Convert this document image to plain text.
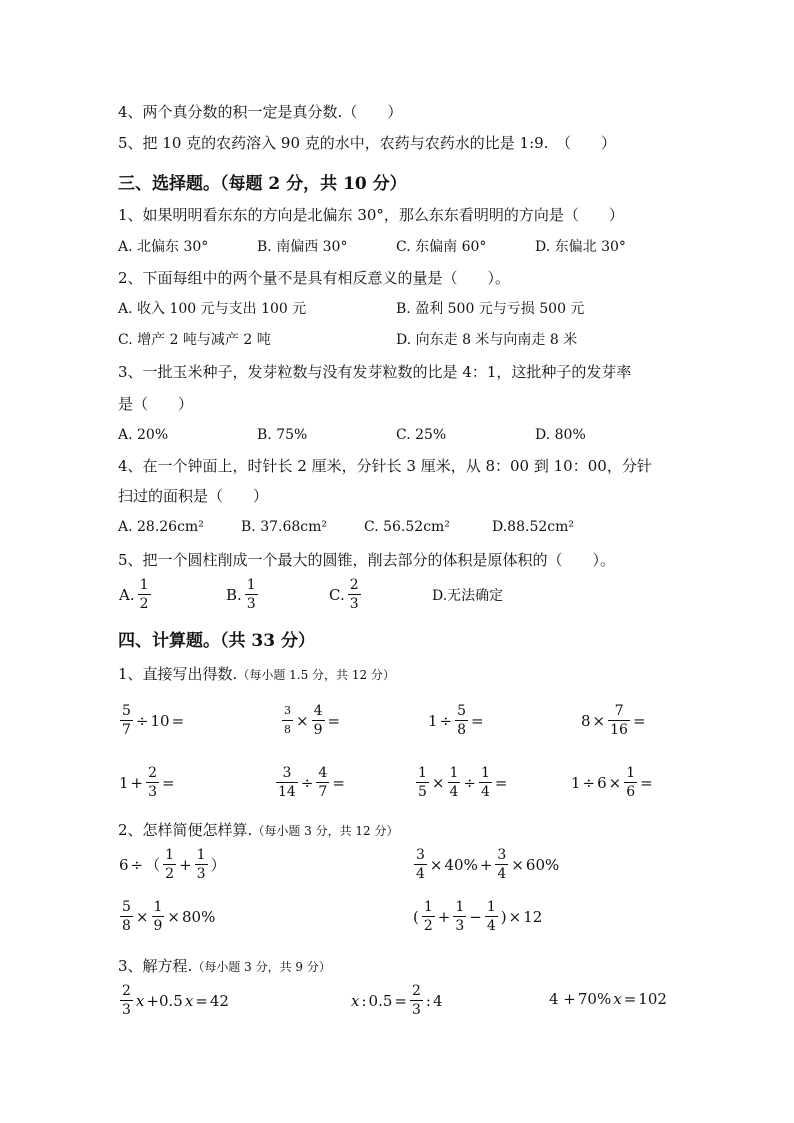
4、两个真分数的积一定是真分数.（　　）
5、把 10 克的农药溶入 90 克的水中，农药与农药水的比是 1:9.　（　　）
三、选择题。（每题 2 分，共 10 分）
1、如果明明看东东的方向是北偏东 30°，那么东东看明明的方向是（　　）
A. 北偏东 30°	B. 南偏西 30°	C. 东偏南 60°	D. 东偏北 30°
2、下面每组中的两个量不是具有相反意义的量是（　　）。
A. 收入 100 元与支出 100 元	B. 盈利 500 元与亏损 500 元
C. 增产 2 吨与减产 2 吨	D. 向东走 8 米与向南走 8 米
3、一批玉米种子，发芽粒数与没有发芽粒数的比是 4：1，这批种子的发芽率
是（　　）
A. 20%	B. 75%	C. 25%	D. 80%
4、在一个钟面上，时针长 2 厘米，分针长 3 厘米，从 8：00 到 10：00，分针
扫过的面积是（　　）
A. 28.26cm²	B. 37.68cm²	C. 56.52cm²	D.88.52cm²
5、把一个圆柱削成一个最大的圆锥，削去部分的体积是原体积的（　　）。
A. $\frac{1}{2}$	B. $\frac{1}{3}$	C. $\frac{2}{3}$	D.无法确定
四、计算题。（共 33 分）
1、直接写出得数.（每小题 1.5 分，共 12 分）
$\frac{5}{7} \div 10$ =	$\frac{3}{8} \times \frac{4}{9}$ =	$1 \div \frac{5}{8}$ =	$8 \times \frac{7}{16}$ =
$1 + \frac{2}{3}$ =	$\frac{3}{14} \div \frac{4}{7}$ =	$\frac{1}{5} \times \frac{1}{4} \div \frac{1}{4}$ =	$1 \div 6 \times \frac{1}{6}$ =
2、怎样简便怎样算.（每小题 3 分，共 12 分）
6 ÷ （ $\frac{1}{2} + \frac{1}{3}$ ）	$\frac{3}{4} \times 40\% + \frac{3}{4} \times 60\%$
$\frac{5}{8} \times \frac{1}{9} \times 80\%$	( $\frac{1}{2} + \frac{1}{3} - \frac{1}{4}$ ) × 12
3、解方程.（每小题 3 分，共 9 分）
$\frac{2}{3}$ x +0.5 x = 42	x : $0.5 = \frac{2}{3}$ : 4	4 + 70% x = 102
